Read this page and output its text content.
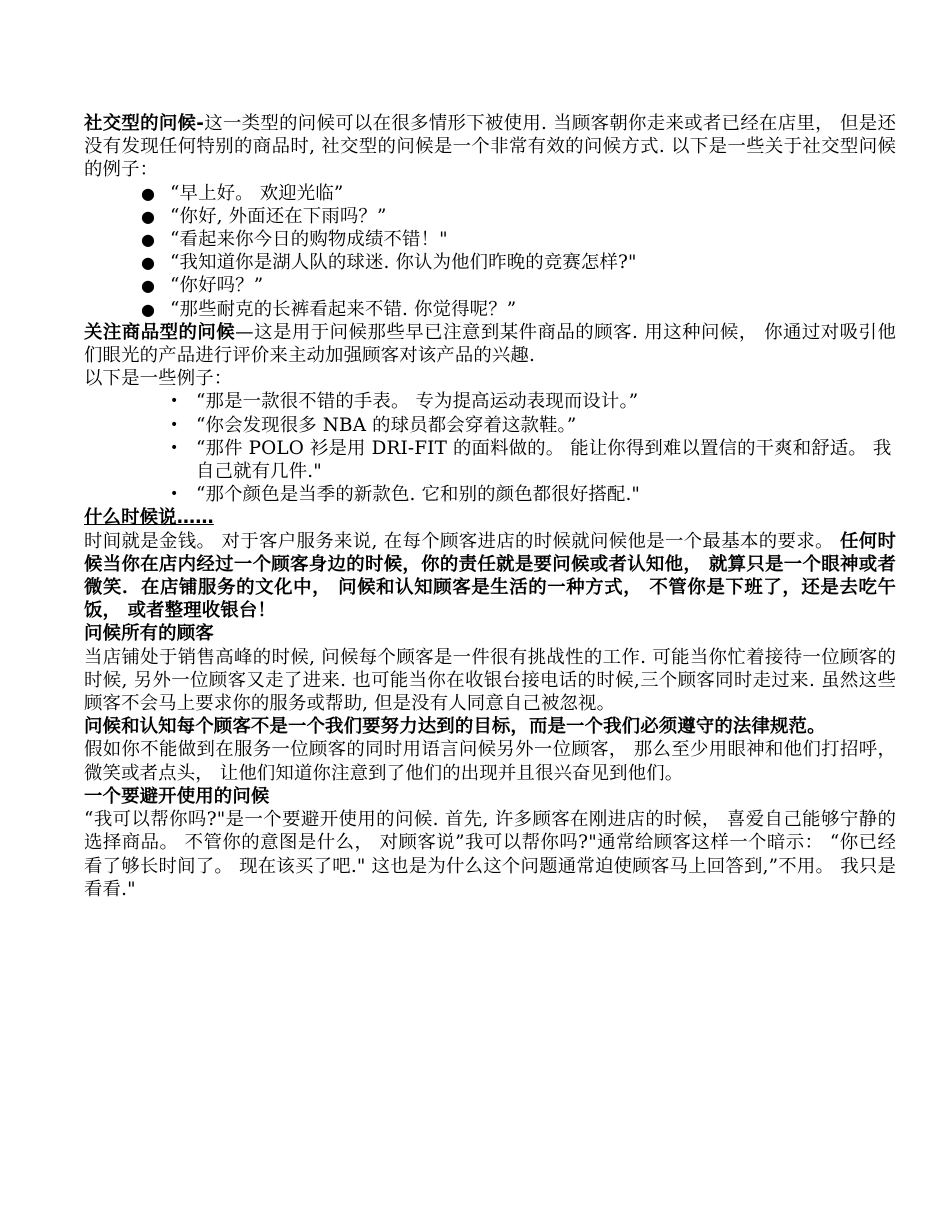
社交型的问候-这一类型的问候可以在很多情形下被使用. 当顾客朝你走来或者已经在店里， 但是还没有发现任何特别的商品时, 社交型的问候是一个非常有效的问候方式. 以下是一些关于社交型问候的例子：

● “早上好。 欢迎光临”
● “你好, 外面还在下雨吗？”
● “看起来你今日的购物成绩不错！"
● “我知道你是湖人队的球迷. 你认为他们昨晚的竞赛怎样?"
● “你好吗？”
● “那些耐克的长裤看起来不错. 你觉得呢？”

关注商品型的问候—这是用于问候那些早已注意到某件商品的顾客. 用这种问候， 你通过对吸引他们眼光的产品进行评价来主动加强顾客对该产品的兴趣.

以下是一些例子：

• “那是一款很不错的手表。 专为提高运动表现而设计。”
• “你会发现很多 NBA 的球员都会穿着这款鞋。”
• “那件 POLO 衫是用 DRI-FIT 的面料做的。 能让你得到难以置信的干爽和舒适。 我自己就有几件."
• “那个颜色是当季的新款色. 它和别的颜色都很好搭配."

什么时候说……

时间就是金钱。 对于客户服务来说, 在每个顾客进店的时候就问候他是一个最基本的要求。 任何时候当你在店内经过一个顾客身边的时候，你的责任就是要问候或者认知他， 就算只是一个眼神或者微笑．在店铺服务的文化中， 问候和认知顾客是生活的一种方式， 不管你是下班了，还是去吃午饭， 或者整理收银台！

问候所有的顾客

当店铺处于销售高峰的时候, 问候每个顾客是一件很有挑战性的工作. 可能当你忙着接待一位顾客的时候, 另外一位顾客又走了进来. 也可能当你在收银台接电话的时候,三个顾客同时走过来. 虽然这些顾客不会马上要求你的服务或帮助, 但是没有人同意自己被忽视。

问候和认知每个顾客不是一个我们要努力达到的目标，而是一个我们必须遵守的法律规范。

假如你不能做到在服务一位顾客的同时用语言问候另外一位顾客， 那么至少用眼神和他们打招呼， 微笑或者点头， 让他们知道你注意到了他们的出现并且很兴奋见到他们。

一个要避开使用的问候

“我可以帮你吗?"是一个要避开使用的问候. 首先, 许多顾客在刚进店的时候， 喜爱自己能够宁静的选择商品。 不管你的意图是什么， 对顾客说”我可以帮你吗?"通常给顾客这样一个暗示： “你已经看了够长时间了。 现在该买了吧." 这也是为什么这个问题通常迫使顾客马上回答到,”不用。 我只是看看."
